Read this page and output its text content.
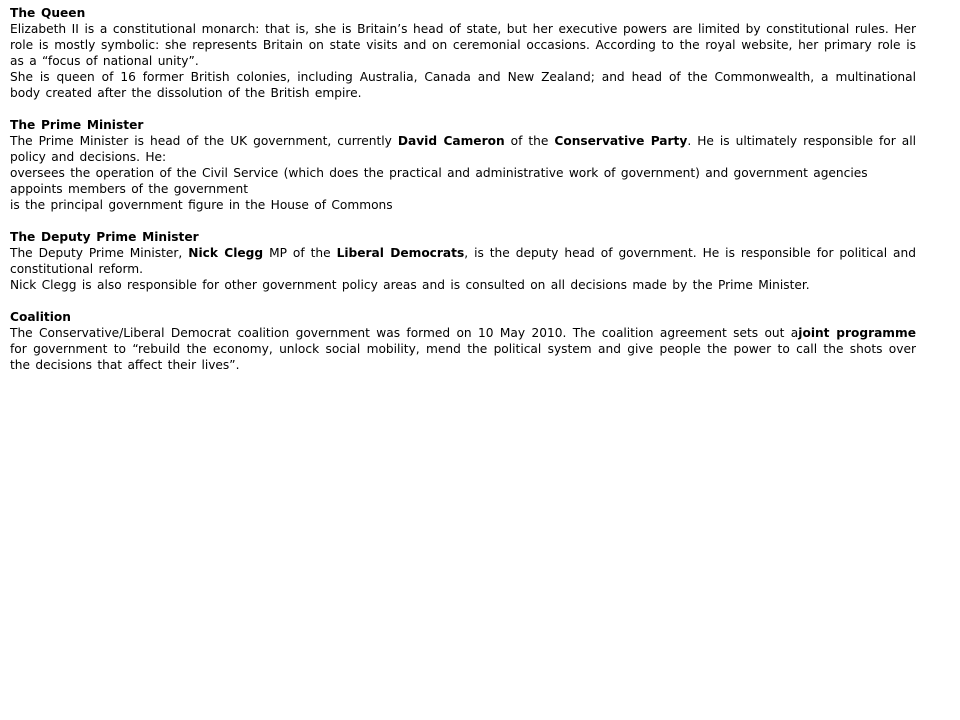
The Queen
Elizabeth II is a constitutional monarch: that is, she is Britain’s head of state, but her executive powers are limited by constitutional rules. Her role is mostly symbolic: she represents Britain on state visits and on ceremonial occasions. According to the royal website, her primary role is as a “focus of national unity”.
She is queen of 16 former British colonies, including Australia, Canada and New Zealand; and head of the Commonwealth, a multinational body created after the dissolution of the British empire.
The Prime Minister
The Prime Minister is head of the UK government, currently David Cameron of the Conservative Party. He is ultimately responsible for all policy and decisions. He:
oversees the operation of the Civil Service (which does the practical and administrative work of government) and government agencies
appoints members of the government
is the principal government figure in the House of Commons
The Deputy Prime Minister
The Deputy Prime Minister, Nick Clegg MP of the Liberal Democrats, is the deputy head of government. He is responsible for political and constitutional reform.
Nick Clegg is also responsible for other government policy areas and is consulted on all decisions made by the Prime Minister.
Coalition
The Conservative/Liberal Democrat coalition government was formed on 10 May 2010. The coalition agreement sets out ajoint programme for government to “rebuild the economy, unlock social mobility, mend the political system and give people the power to call the shots over the decisions that affect their lives”.
